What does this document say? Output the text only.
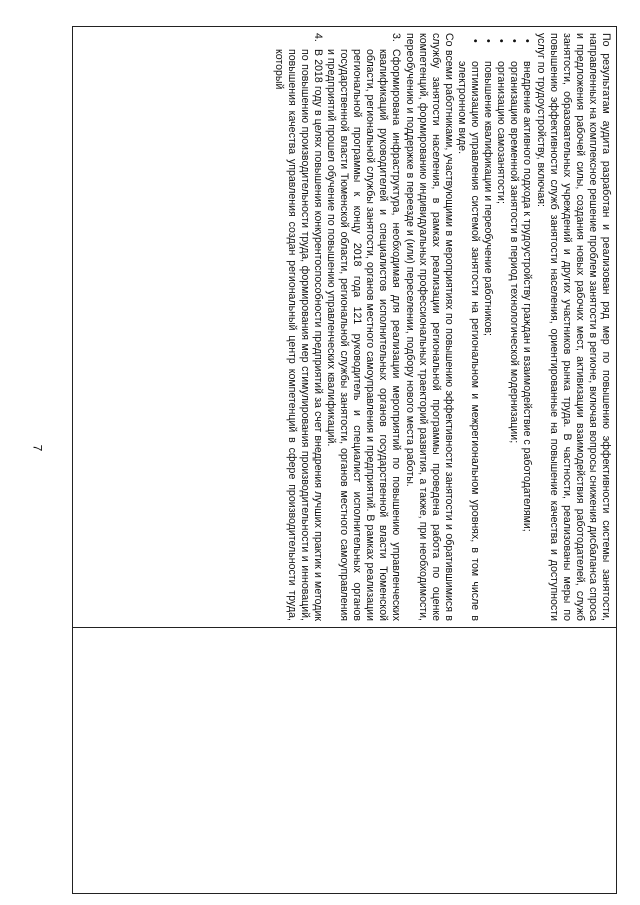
7	По результатам аудита разработан и реализован ряд мер по повышению эффективности системы занятости, направленных на комплексное решение проблем занятости в регионе, включая вопросы снижения дисбаланса спроса и предложения рабочей силы, создания новых рабочих мест, активизации взаимодействия работодателей, служб занятости, образовательных учреждений и других участников рынка труда. В частности, реализованы меры по повышению эффективности служб занятости населения, ориентированные на повышение качества и доступности услуг по трудоустройству, включая:

•
внедрение активного подхода к трудоустройству граждан и взаимодействие с работодателями;
•
организацию временной занятости в период технологической модернизации;
•
организацию самозанятости;
•
повышение квалификации и переобучение работников;
•
оптимизацию управления системой занятости на региональном и межрегиональном уровнях, в том числе в электронном виде.

Со всеми работниками, участвующими в мероприятиях по повышению эффективности занятости и обратившимися в службу занятости населения, в рамках реализации региональной программы проведена работа по оценке компетенций, формированию индивидуальных профессиональных траекторий развития, а также, при необходимости, переобучению и поддержке в переезде и (или) переселении, подбору нового места работы.

3.
Сформирована инфраструктура, необходимая для реализации мероприятий по повышению управленческих квалификаций руководителей и специалистов исполнительных органов государственной власти Тюменской области, региональной службы занятости, органов местного самоуправления и предприятий. В рамках реализации региональной программы к концу 2018 года 121 руководитель и специалист исполнительных органов государственной власти Тюменской области, региональной службы занятости, органов местного самоуправления и предприятий прошел обучение по повышению управленческих квалификаций.
4.
В 2018 году в целях повышения конкурентоспособности предприятий за счет внедрения лучших практик и методик по повышению производительности труда, формирования мер стимулирования производительности и инноваций, повышения качества управления создан региональный центр компетенций в сфере производительности труда, который
